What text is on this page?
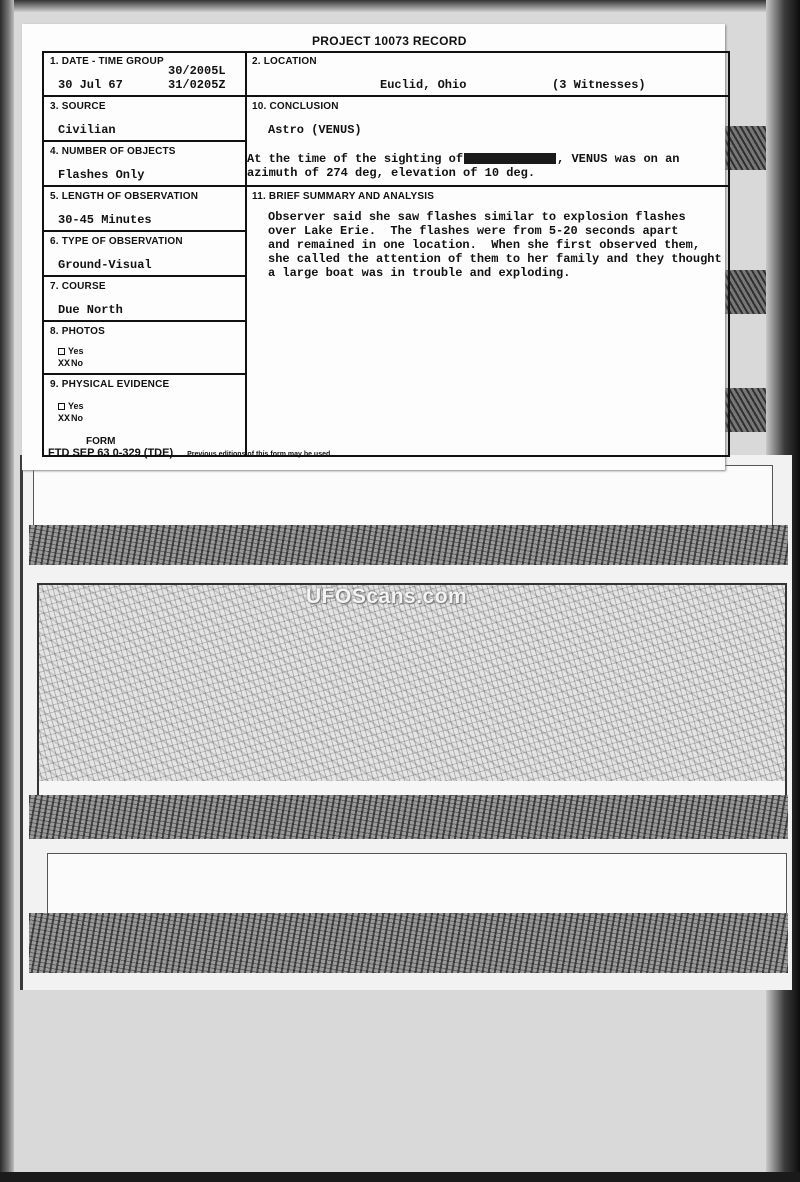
UFOScans.com
PROJECT 10073 RECORD
1. DATE - TIME GROUP
30 Jul 67
30/2005L
31/0205Z
2. LOCATION
Euclid, Ohio	(3 Witnesses)
3. SOURCE
Civilian
10. CONCLUSION
Astro (VENUS)
At the time of the sighting of	, VENUS was on an
azimuth of 274 deg, elevation of 10 deg.
4. NUMBER OF OBJECTS
Flashes Only
5. LENGTH OF OBSERVATION
30-45 Minutes
11. BRIEF SUMMARY AND ANALYSIS
Observer said she saw flashes similar to explosion flashes
over Lake Erie.  The flashes were from 5-20 seconds apart
and remained in one location.  When she first observed them,
she called the attention of them to her family and they thought
a large boat was in trouble and exploding.
6. TYPE OF OBSERVATION
Ground-Visual
7. COURSE
Due North
8. PHOTOS
Yes
XXNo
9. PHYSICAL EVIDENCE
Yes
XXNo
FORM
FTD SEP 63 0-329 (TDE) Previous editions of this form may be used.
